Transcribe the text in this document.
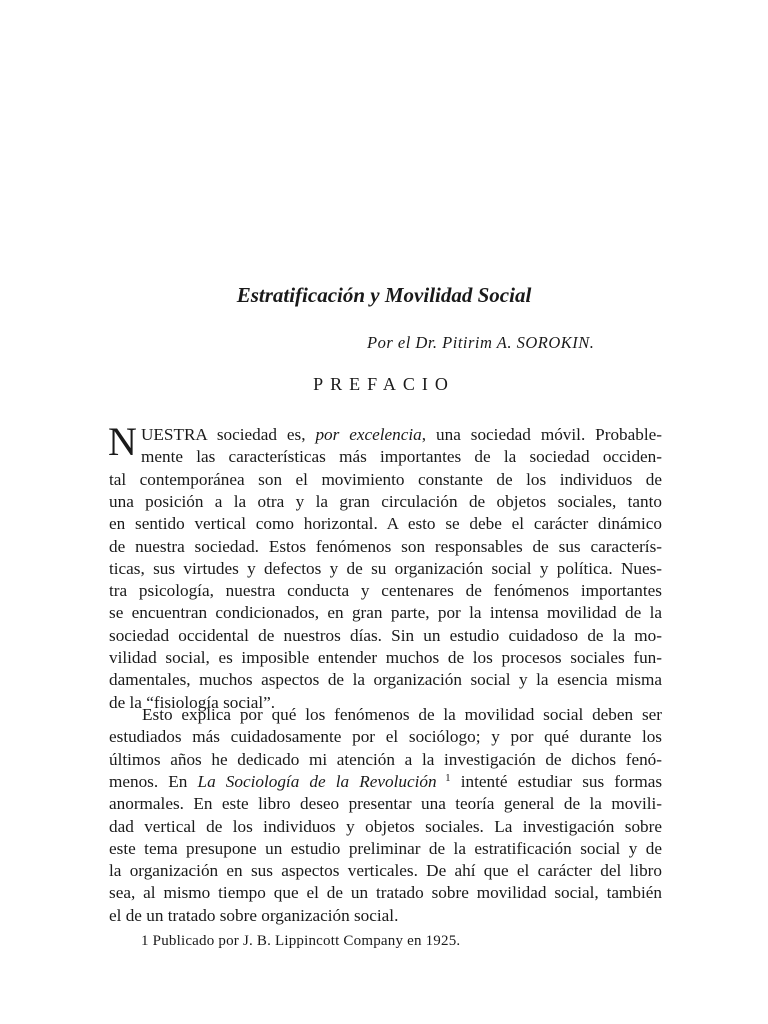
Estratificación y Movilidad Social
Por el Dr. Pitirim A. SOROKIN.
PREFACIO
N UESTRA sociedad es, por excelencia, una sociedad móvil. Probable-
mente las características más importantes de la sociedad occiden-
tal contemporánea son el movimiento constante de los individuos de
una posición a la otra y la gran circulación de objetos sociales, tanto
en sentido vertical como horizontal. A esto se debe el carácter dinámico
de nuestra sociedad. Estos fenómenos son responsables de sus caracterís-
ticas, sus virtudes y defectos y de su organización social y política. Nues-
tra psicología, nuestra conducta y centenares de fenómenos importantes
se encuentran condicionados, en gran parte, por la intensa movilidad de la
sociedad occidental de nuestros días. Sin un estudio cuidadoso de la mo-
vilidad social, es imposible entender muchos de los procesos sociales fun-
damentales, muchos aspectos de la organización social y la esencia misma
de la “fisiología social”.
Esto explica por qué los fenómenos de la movilidad social deben ser
estudiados más cuidadosamente por el sociólogo; y por qué durante los
últimos años he dedicado mi atención a la investigación de dichos fenó-
menos. En La Sociología de la Revolución $^1$ intenté estudiar sus formas
anormales. En este libro deseo presentar una teoría general de la movili-
dad vertical de los individuos y objetos sociales. La investigación sobre
este tema presupone un estudio preliminar de la estratificación social y de
la organización en sus aspectos verticales. De ahí que el carácter del libro
sea, al mismo tiempo que el de un tratado sobre movilidad social, también
el de un tratado sobre organización social.
1 Publicado por J. B. Lippincott Company en 1925.
